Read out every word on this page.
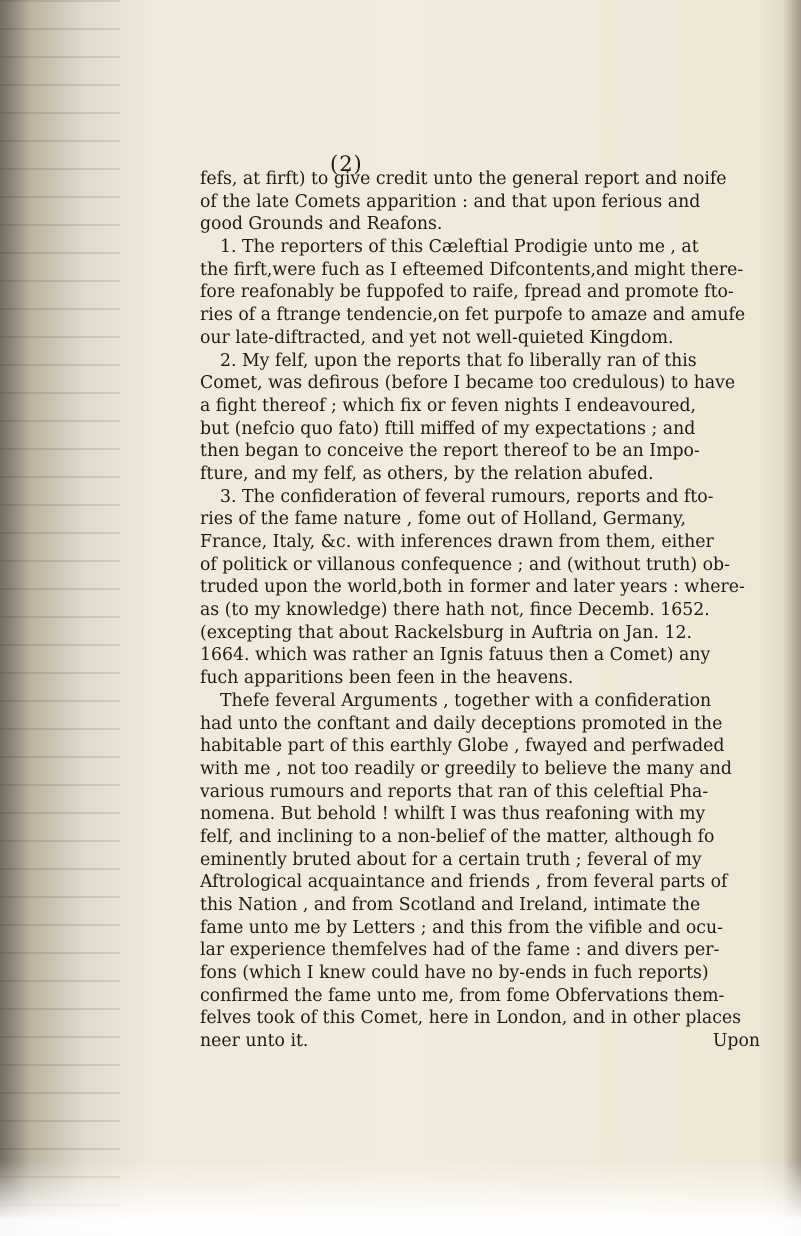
(2)
fefs, at firft) to give credit unto the general report and noife
of the late Comets apparition : and that upon ferious and
good Grounds and Reafons.
1. The reporters of this Cæleftial Prodigie unto me , at
the firft,were fuch as I efteemed Difcontents,and might there-
fore reafonably be fuppofed to raife, fpread and promote fto-
ries of a ftrange tendencie,on fet purpofe to amaze and amufe
our late-diftracted, and yet not well-quieted Kingdom.
2. My felf, upon the reports that fo liberally ran of this
Comet, was defirous (before I became too credulous) to have
a fight thereof ; which fix or feven nights I endeavoured,
but (nefcio quo fato) ftill miffed of my expectations ; and
then began to conceive the report thereof to be an Impo-
fture, and my felf, as others, by the relation abufed.
3. The confideration of feveral rumours, reports and fto-
ries of the fame nature , fome out of Holland, Germany,
France, Italy, &c. with inferences drawn from them, either
of politick or villanous confequence ; and (without truth) ob-
truded upon the world,both in former and later years : where-
as (to my knowledge) there hath not, fince Decemb. 1652.
(excepting that about Rackelsburg in Auftria on Jan. 12.
1664. which was rather an Ignis fatuus then a Comet) any
fuch apparitions been feen in the heavens.
Thefe feveral Arguments , together with a confideration
had unto the conftant and daily deceptions promoted in the
habitable part of this earthly Globe , fwayed and perfwaded
with me , not too readily or greedily to believe the many and
various rumours and reports that ran of this celeftial Pha-
nomena. But behold ! whilft I was thus reafoning with my
felf, and inclining to a non-belief of the matter, although fo
eminently bruted about for a certain truth ; feveral of my
Aftrological acquaintance and friends , from feveral parts of
this Nation , and from Scotland and Ireland, intimate the
fame unto me by Letters ; and this from the vifible and ocu-
lar experience themfelves had of the fame : and divers per-
fons (which I knew could have no by-ends in fuch reports)
confirmed the fame unto me, from fome Obfervations them-
felves took of this Comet, here in London, and in other places
neer unto it.	Upon
